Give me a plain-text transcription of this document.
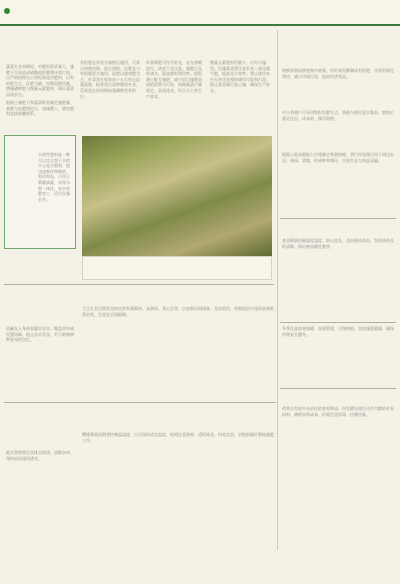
蔬菜生长周期短，对肥料需求量大，施肥不当易造成硝酸盐积累和环境污染，应严格按照无公害标准选用肥料，以有机肥为主，化肥为辅，控制氮肥用量，增施磷钾肥与微量元素肥料，保证蔬菜品质安全。
根据土壤肥力和蔬菜种类确定施肥量，基肥与追肥相结合，深施覆土，避免肥料直接接触根系。
有机肥必须充分腐熟后施用，可杀灭病菌虫卵，防止烧根。化肥宜与有机肥混合施用，追肥以速效肥为主，叶菜类在收获前十五天停止追施氮肥，根茎类注意钾肥的补充，瓜果类在结果期加强磷钾营养供应。
叶面喷肥可作为补充，宜在傍晚进行，浓度不宜过高。施肥后及时浇水，提高肥料利用率。提倡测土配方施肥，减少盲目施肥造成的浪费与污染，保障蔬菜产量稳定，品质优良，符合无公害生产要求。
微量元素肥料用量少，应均匀施用。设施蔬菜要注意补充二氧化碳气肥，提高光合效率。禁止使用未经无害化处理的城市垃圾和污泥，防止重金属污染土壤，确保生产安全。
水溶性肥料是一种可以完全溶于水的多元复合肥料，能迅速被作物吸收，利用率高，可用于喷灌滴灌，实现水肥一体化，省水省肥省工，适合设施农业。
规模养殖场粪便集中收集，经好氧发酵制成有机肥，实现资源化利用，减少环境污染，提高经济效益。
中小养殖户可采用堆积发酵方式，粪便与秸秆混合堆沤，腐熟后就近还田，成本低，操作简便。
根据土地承载能力合理确定养殖规模，粪污经处理后用于周边农田、果园、菜地，形成种养循环，实现生态与效益双赢。
育苗期要控制温度湿度，防止徒长，及时通风炼苗，发现病苗及时清除，保证秧苗健壮整齐。
冬季注意防寒保暖，加强管理，合理密植，及时施肥灌溉，确保作物安全越冬。
鸡粪含有较多未消化的营养物质，经发酵处理后可作为鹅的补充饲料，降低饲养成本，但需注意消毒，控制用量。
大豆生长后期常见病虫害有霜霉病、灰斑病、食心虫等，应加强田间调查，及时防治，药剂防治应选择高效低毒农药，注意安全间隔期。
苗圃在入冬前要灌足冻水，覆盖草帘或设置风障，防止苗木受冻，对不耐寒树种要及时包扎。
樱桃番茄苗期要控制温湿度，白天保持适宜温度，夜间注意防寒，适时炼苗，培育壮苗，定植前做好整地施肥工作。
地头管理要注意排水防涝，清除杂草，保持苗床通风透光。
